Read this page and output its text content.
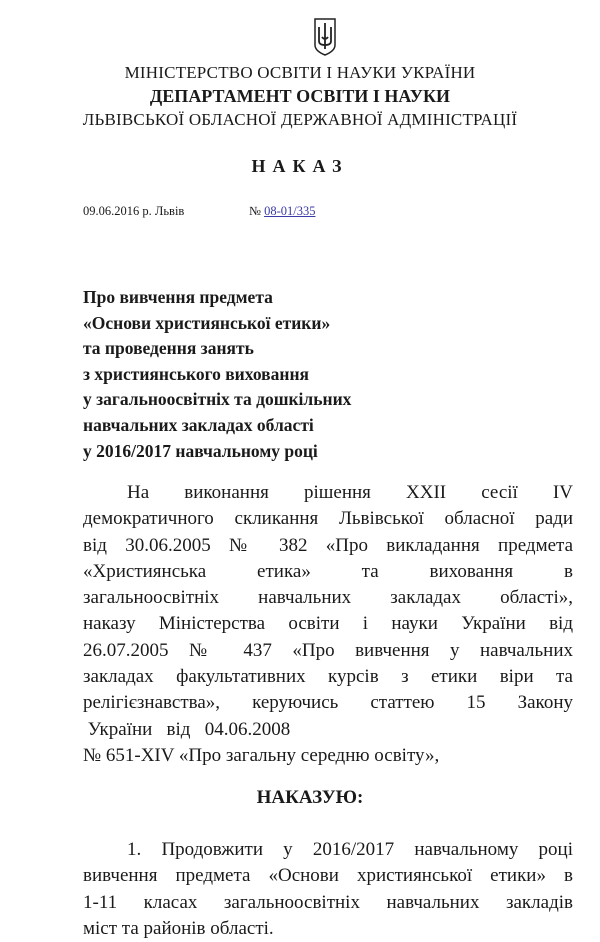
МІНІСТЕРСТВО ОСВІТИ І НАУКИ УКРАЇНИ
ДЕПАРТАМЕНТ ОСВІТИ І НАУКИ
ЛЬВІВСЬКОЇ ОБЛАСНОЇ ДЕРЖАВНОЇ АДМІНІСТРАЦІЇ
НАКАЗ
09.06.2016 р. Львів	№ 08-01/335
Про вивчення предмета
«Основи християнської етики»
та проведення занять
з християнського виховання
у загальноосвітніх та дошкільних
навчальних закладах області
у 2016/2017 навчальному році
На виконання рішення XXII сесії IV
демократичного скликання Львівської обласної ради
від 30.06.2005 № 382 «Про викладання предмета
«Християнська етика» та виховання в
загальноосвітніх навчальних закладах області»,
наказу Міністерства освіти і науки України від
26.07.2005 № 437 «Про вивчення у навчальних
закладах факультативних курсів з етики віри та
релігієзнавства», керуючись статтею 15 Закону
України   від   04.06.2008
№ 651-XIV «Про загальну середню освіту»,
НАКАЗУЮ:
1. Продовжити у 2016/2017 навчальному році
вивчення предмета «Основи християнської етики» в
1-11 класах загальноосвітніх навчальних закладів
міст та районів області.
